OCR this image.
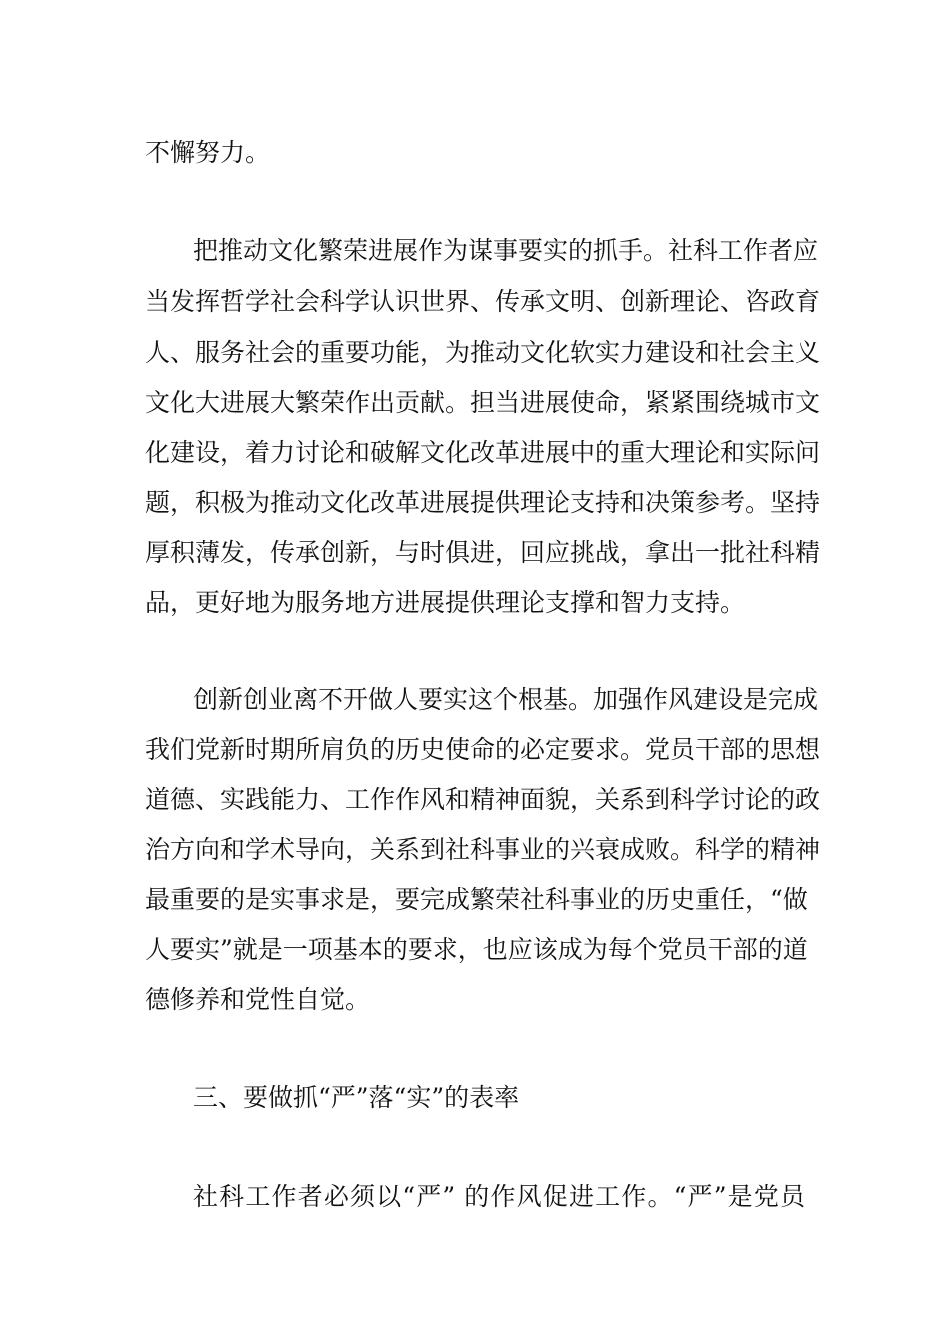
不懈努力。
把推动文化繁荣进展作为谋事要实的抓手。社科工作者应
当发挥哲学社会科学认识世界、传承文明、创新理论、咨政育
人、服务社会的重要功能，为推动文化软实力建设和社会主义
文化大进展大繁荣作出贡献。担当进展使命，紧紧围绕城市文
化建设，着力讨论和破解文化改革进展中的重大理论和实际问
题，积极为推动文化改革进展提供理论支持和决策参考。坚持
厚积薄发，传承创新，与时俱进，回应挑战，拿出一批社科精
品，更好地为服务地方进展提供理论支撑和智力支持。
创新创业离不开做人要实这个根基。加强作风建设是完成
我们党新时期所肩负的历史使命的必定要求。党员干部的思想
道德、实践能力、工作作风和精神面貌，关系到科学讨论的政
治方向和学术导向，关系到社科事业的兴衰成败。科学的精神
最重要的是实事求是，要完成繁荣社科事业的历史重任，“做
人要实”就是一项基本的要求，也应该成为每个党员干部的道
德修养和党性自觉。
三、要做抓“严”落“实”的表率
社科工作者必须以“严” 的作风促进工作。“严”是党员
